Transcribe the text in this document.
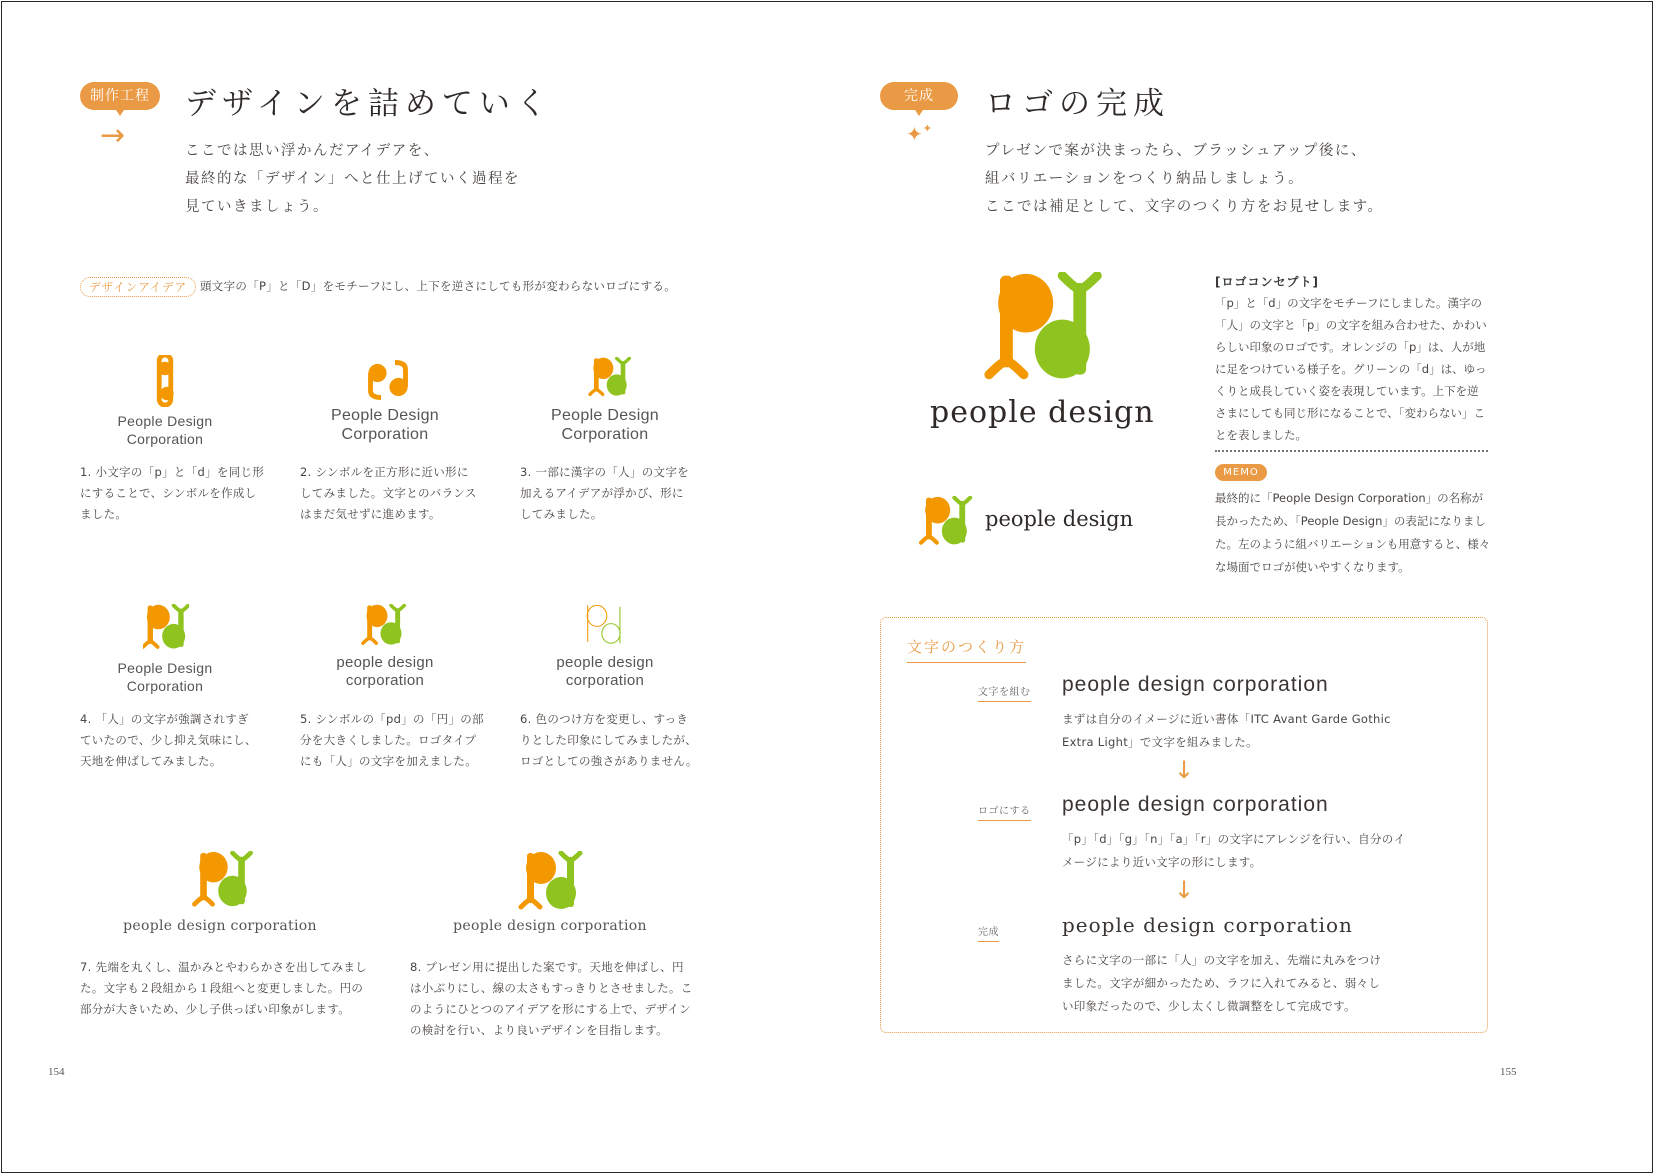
制作工程
→
デザインを詰めていく
ここでは思い浮かんだアイデアを、
最終的な「デザイン」へと仕上げていく過程を
見ていきましょう。
デザインアイデア	頭文字の「P」と「D」をモチーフにし、上下を逆さにしても形が変わらないロゴにする。
People Design
Corporation
People Design
Corporation
People Design
Corporation
1. 小文字の「p」と「d」を同じ形
にすることで、シンボルを作成し
ました。
2. シンボルを正方形に近い形に
してみました。文字とのバランス
はまだ気せずに進めます。
3. 一部に漢字の「人」の文字を
加えるアイデアが浮かび、形に
してみました。
People Design
Corporation
people design
corporation
people design
corporation
4. 「人」の文字が強調されすぎ
ていたので、少し抑え気味にし、
天地を伸ばしてみました。
5. シンボルの「pd」の「円」の部
分を大きくしました。ロゴタイプ
にも「人」の文字を加えました。
6. 色のつけ方を変更し、すっき
りとした印象にしてみましたが、
ロゴとしての強さがありません。
people design corporation	people design corporation
7. 先端を丸くし、温かみとやわらかさを出してみまし
た。文字も２段組から１段組へと変更しました。円の
部分が大きいため、少し子供っぽい印象がします。
8. プレゼン用に提出した案です。天地を伸ばし、円
は小ぶりにし、線の太さもすっきりとさせました。こ
のようにひとつのアイデアを形にする上で、デザイン
の検討を行い、より良いデザインを目指します。
154
完成
✦✦
ロゴの完成
プレゼンで案が決まったら、ブラッシュアップ後に、
組バリエーションをつくり納品しましょう。
ここでは補足として、文字のつくり方をお見せします。
people design
people design
[ロゴコンセプト]
「p」と「d」の文字をモチーフにしました。漢字の
「人」の文字と「p」の文字を組み合わせた、かわい
らしい印象のロゴです。オレンジの「p」は、人が地
に足をつけている様子を。グリーンの「d」は、ゆっ
くりと成長していく姿を表現しています。上下を逆
さまにしても同じ形になることで、「変わらない」こ
とを表しました。
MEMO
最終的に「People Design Corporation」の名称が
長かったため、「People Design」の表記になりまし
た。左のように組バリエーションも用意すると、様々
な場面でロゴが使いやすくなります。
文字のつくり方
文字を組む people design corporation
まずは自分のイメージに近い書体「ITC Avant Garde Gothic
Extra Light」で文字を組みました。
↓
ロゴにする people design corporation
「p」「d」「g」「n」「a」「r」の文字にアレンジを行い、自分のイ
メージにより近い文字の形にします。
↓
完成	people design corporation
さらに文字の一部に「人」の文字を加え、先端に丸みをつけ
ました。文字が細かったため、ラフに入れてみると、弱々し
い印象だったので、少し太くし微調整をして完成です。
155
